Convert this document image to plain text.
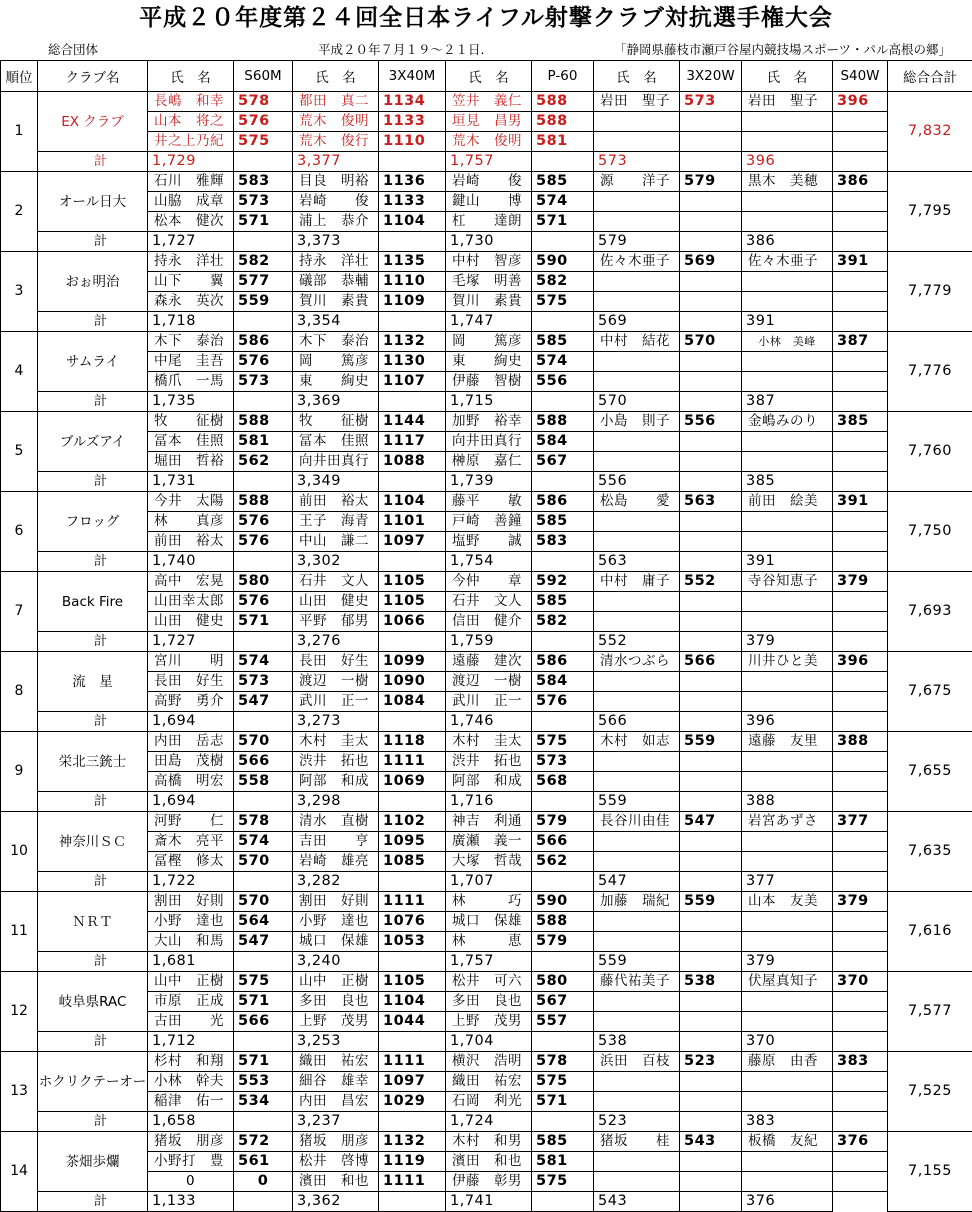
平成２０年度第２４回全日本ライフル射撃クラブ対抗選手権大会
総合団体	平成２０年７月１９～２１日.	「静岡県藤枝市瀬戸谷屋内競技場スポーツ・パル高根の郷」
順位	クラブ名	氏　名	S60M	氏　名	3X40M	氏　名	P-60	氏　名	3X20W	氏　名	S40W	総合合計
1	EX クラブ	長嶋　和幸	578	都田　真二	1134	笠井　義仁	588	岩田　聖子	573	岩田　聖子	396	7,832
		山本　将之	576	荒木　俊明	1133	垣見　昌男	588					
		井之上乃紀	575	荒木　俊行	1110	荒木　俊明	581					
	計	1,729		3,377		1,757		573		396		
2	オール日大	石川　雅輝	583	目良　明裕	1136	岩崎　　俊	585	源　　洋子	579	黒木　美穂	386	7,795
		山脇　成章	573	岩崎　　俊	1133	鍵山　　博	574					
		松本　健次	571	浦上　恭介	1104	杠　　達朗	571					
	計	1,727		3,373		1,730		579		386		
3	おぉ明治	持永　洋壮	582	持永　洋壮	1135	中村　智彦	590	佐々木亜子	569	佐々木亜子	391	7,779
		山下　　翼	577	礒部　恭輔	1110	毛塚　明善	582					
		森永　英次	559	賀川　素貴	1109	賀川　素貴	575					
	計	1,718		3,354		1,747		569		391		
4	サムライ	木下　泰治	586	木下　泰治	1132	岡　　篤彦	585	中村　結花	570	小林　美峰	387	7,776
		中尾　圭吾	576	岡　　篤彦	1130	東　　絢史	574					
		橋爪　一馬	573	東　　絢史	1107	伊藤　智樹	556					
	計	1,735		3,369		1,715		570		387		
5	ブルズアイ	牧　　征樹	588	牧　　征樹	1144	加野　裕幸	588	小島　則子	556	金嶋みのり	385	7,760
		冨本　佳照	581	冨本　佳照	1117	向井田真行	584					
		堀田　哲裕	562	向井田真行	1088	榊原　嘉仁	567					
	計	1,731		3,349		1,739		556		385		
6	フロッグ	今井　太陽	588	前田　裕太	1104	藤平　　敏	586	松島　　愛	563	前田　絵美	391	7,750
		林　　真彦	576	王子　海青	1101	戸崎　善鐘	585					
		前田　裕太	576	中山　謙二	1097	塩野　　誠	583					
	計	1,740		3,302		1,754		563		391		
7	Back Fire	高中　宏晃	580	石井　文人	1105	今仲　　章	592	中村　庸子	552	寺谷知恵子	379	7,693
		山田幸太郎	576	山田　健史	1105	石井　文人	585					
		山田　健史	571	平野　郁男	1066	信田　健介	582					
	計	1,727		3,276		1,759		552		379		
8	流　星	宮川　　明	574	長田　好生	1099	遠藤　建次	586	清水つぶら	566	川井ひと美	396	7,675
		長田　好生	573	渡辺　一樹	1090	渡辺　一樹	584					
		高野　勇介	547	武川　正一	1084	武川　正一	576					
	計	1,694		3,273		1,746		566		396		
9	栄北三銃士	内田　岳志	570	木村　圭太	1118	木村　圭太	575	木村　如志	559	遠藤　友里	388	7,655
		田島　茂樹	566	渋井　拓也	1111	渋井　拓也	573					
		高橋　明宏	558	阿部　和成	1069	阿部　和成	568					
	計	1,694		3,298		1,716		559		388		
10	神奈川ＳＣ	河野　　仁	578	清水　直樹	1102	神吉　利通	579	長谷川由佳	547	岩宮あずさ	377	7,635
		斎木　亮平	574	吉田　　亨	1095	廣瀬　義一	566					
		冨樫　修太	570	岩崎　雄亮	1085	大塚　哲哉	562					
	計	1,722		3,282		1,707		547		377		
11	ＮＲＴ	割田　好則	570	割田　好則	1111	林　　　巧	590	加藤　瑞紀	559	山本　友美	379	7,616
		小野　達也	564	小野　達也	1076	城口　保雄	588					
		大山　和馬	547	城口　保雄	1053	林　　　恵	579					
	計	1,681		3,240		1,757		559		379		
12	岐阜県RAC	山中　正樹	575	山中　正樹	1105	松井　可六	580	藤代祐美子	538	伏屋真知子	370	7,577
		市原　正成	571	多田　良也	1104	多田　良也	567					
		古田　　光	566	上野　茂男	1044	上野　茂男	557					
	計	1,712		3,253		1,704		538		370		
13	ホクリクテーオー	杉村　和翔	571	織田　祐宏	1111	横沢　浩明	578	浜田　百枝	523	藤原　由香	383	7,525
		小林　幹夫	553	細谷　雄幸	1097	織田　祐宏	575					
		稲津　佑一	534	内田　昌宏	1029	石岡　利光	571					
	計	1,658		3,237		1,724		523		383		
14	茶畑歩爛	猪坂　朋彦	572	猪坂　朋彦	1132	木村　和男	585	猪坂　　桂	543	板橋　友紀	376	7,155
		小野打　豊	561	松井　啓博	1119	濱田　和也	581					
		0	0	濱田　和也	1111	伊藤　彰男	575					
	計	1,133		3,362		1,741		543		376		
